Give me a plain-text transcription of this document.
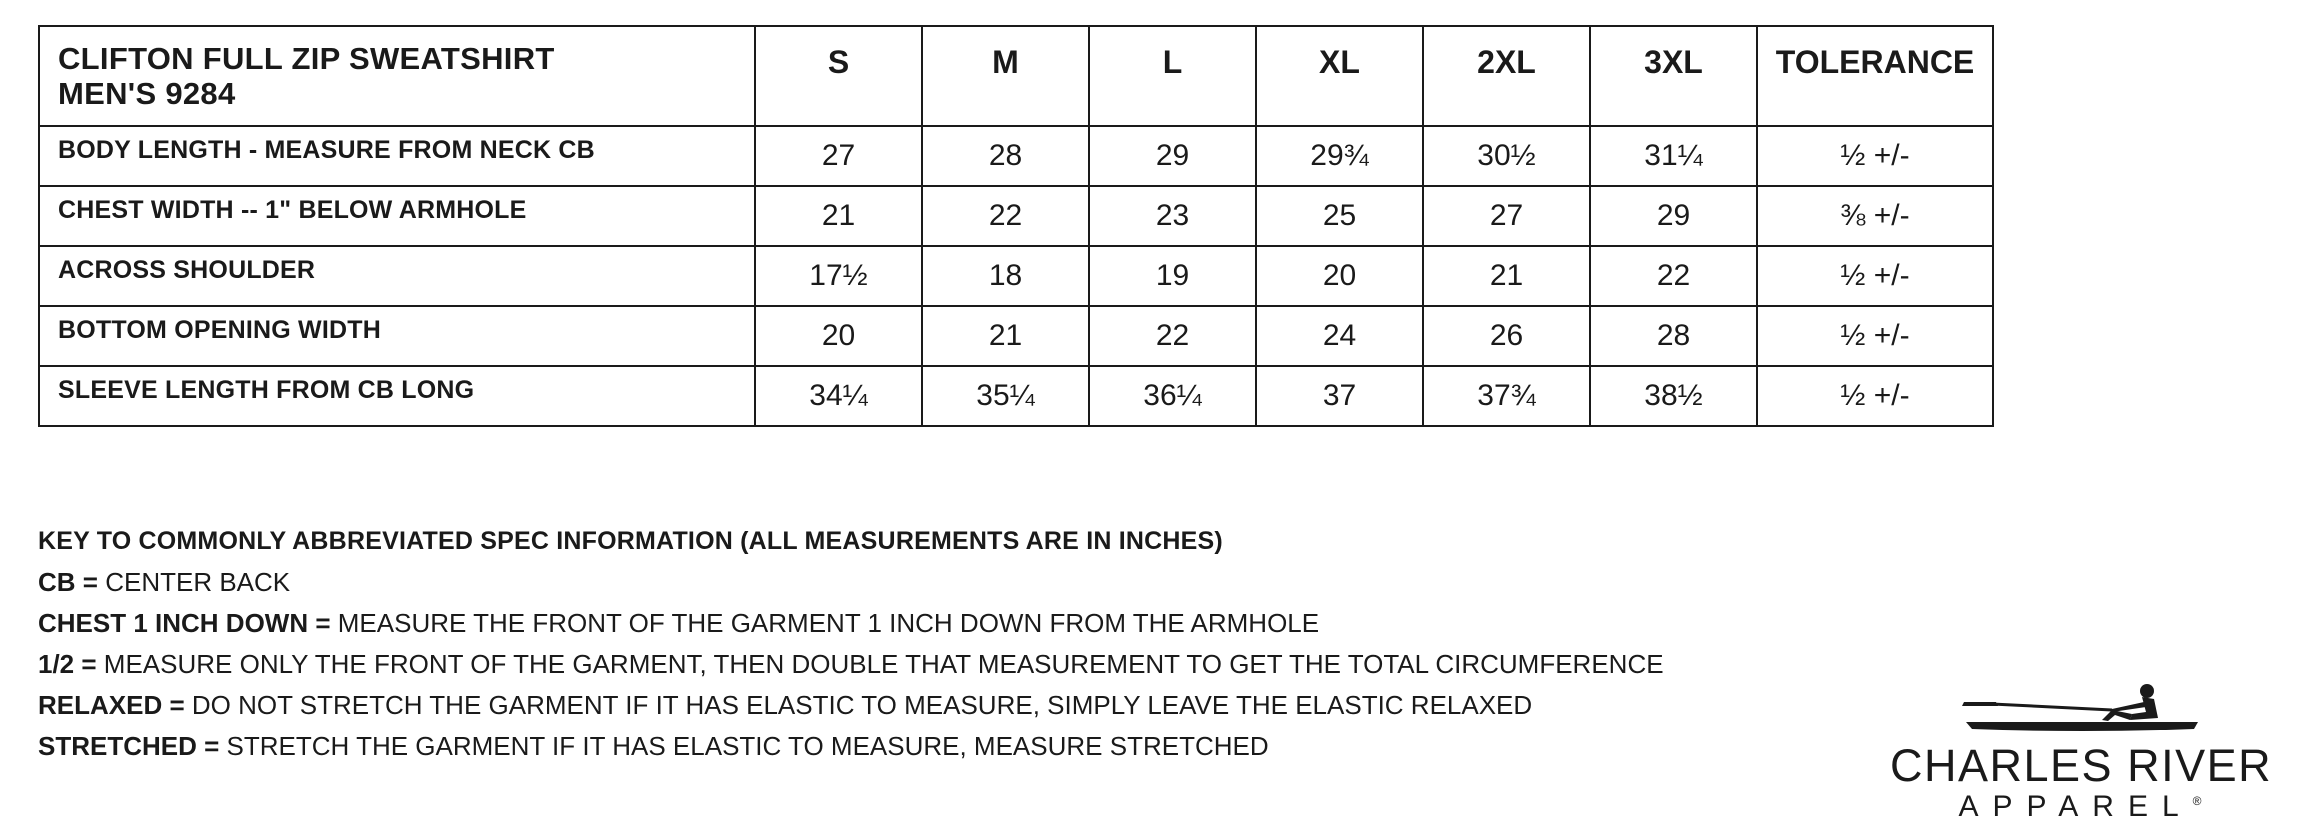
CLIFTON FULL ZIP SWEATSHIRT
MEN'S 9284	S	M	L	XL	2XL	3XL	TOLERANCE

BODY LENGTH - MEASURE FROM NECK CB	27	28	29	29¾	30½	31¼	½ +/-

CHEST WIDTH -- 1" BELOW ARMHOLE	21	22	23	25	27	29	⅜ +/-

ACROSS SHOULDER	17½	18	19	20	21	22	½ +/-

BOTTOM OPENING WIDTH	20	21	22	24	26	28	½ +/-

SLEEVE LENGTH FROM CB LONG	34¼	35¼	36¼	37	37¾	38½	½ +/-
KEY TO COMMONLY ABBREVIATED SPEC INFORMATION (ALL MEASUREMENTS ARE IN INCHES)
CB = CENTER BACK
CHEST 1 INCH DOWN = MEASURE THE FRONT OF THE GARMENT 1 INCH DOWN FROM THE ARMHOLE
1/2 = MEASURE ONLY THE FRONT OF THE GARMENT, THEN DOUBLE THAT MEASUREMENT TO GET THE TOTAL CIRCUMFERENCE
RELAXED = DO NOT STRETCH THE GARMENT IF IT HAS ELASTIC TO MEASURE, SIMPLY LEAVE THE ELASTIC RELAXED
STRETCHED = STRETCH THE GARMENT IF IT HAS ELASTIC TO MEASURE, MEASURE STRETCHED	CHARLES RIVER
APPAREL®
